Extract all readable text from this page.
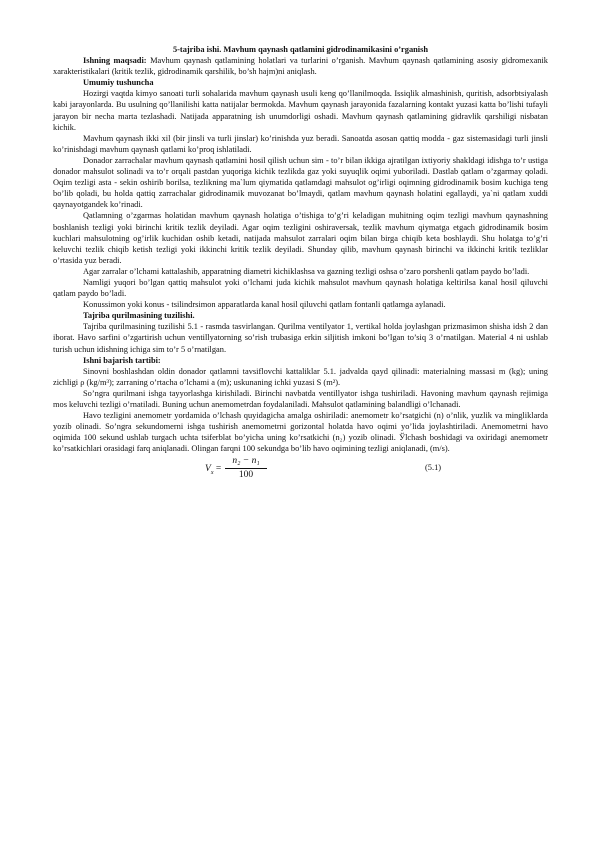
5-tajriba ishi. Mavhum qaynash qatlamini gidrodinamikasini o’rganish

Ishning maqsadi: Mavhum qaynash qatlamining holatlari va turlarini o’rganish. Mavhum qaynash qatlamining asosiy gidromexanik xarakteristikalari (kritik tezlik, gidrodinamik qarshilik, bo’sh hajm)ni aniqlash.

Umumiy tushuncha

Hozirgi vaqtda kimyo sanoati turli sohalarida mavhum qaynash usuli keng qo’llanilmoqda. Issiqlik almashinish, quritish, adsorbtsiyalash kabi jarayonlarda. Bu usulning qo’llanilishi katta natijalar bermokda. Mavhum qaynash jarayonida fazalarning kontakt yuzasi katta bo’lishi tufayli jarayon bir necha marta tezlashadi. Natijada apparatning ish unumdorligi oshadi. Mavhum qaynash qatlamining gidravlik qarshiligi nisbatan kichik.

Mavhum qaynash ikki xil (bir jinsli va turli jinslar) ko’rinishda yuz beradi. Sanoatda asosan qattiq modda - gaz sistemasidagi turli jinsli ko’rinishdagi mavhum qaynash qatlami ko’proq ishlatiladi.

Donador zarrachalar mavhum qaynash qatlamini hosil qilish uchun sim - to’r bilan ikkiga ajratilgan ixtiyoriy shakldagi idishga to’r ustiga donador mahsulot solinadi va to’r orqali pastdan yuqoriga kichik tezlikda gaz yoki suyuqlik oqimi yuboriladi. Dastlab qatlam o’zgarmay qoladi. Oqim tezligi asta - sekin oshirib borilsa, tezlikning ma`lum qiymatida qatlamdagi mahsulot og’irligi oqimning gidrodinamik bosim kuchiga teng bo’lib qoladi, bu holda qattiq zarrachalar gidrodinamik muvozanat bo’lmaydi, qatlam mavhum qaynash holatini egallaydi, ya`ni qatlam xuddi qaynayotgandek ko’rinadi.

Qatlamning o’zgarmas holatidan mavhum qaynash holatiga o’tishiga to’g’ri keladigan muhitning oqim tezligi mavhum qaynashning boshlanish tezligi yoki birinchi kritik tezlik deyiladi. Agar oqim tezligini oshiraversak, tezlik mavhum qiymatga etgach gidrodinamik bosim kuchlari mahsulotning og’irlik kuchidan oshib ketadi, natijada mahsulot zarralari oqim bilan birga chiqib keta boshlaydi. Shu holatga to’g’ri keluvchi tezlik chiqib ketish tezligi yoki ikkinchi kritik tezlik deyiladi. Shunday qilib, mavhum qaynash birinchi va ikkinchi kritik tezliklar o’rtasida yuz beradi.

Agar zarralar o’lchami kattalashib, apparatning diametri kichiklashsa va gazning tezligi oshsa o’zaro porshenli qatlam paydo bo’ladi.

Namligi yuqori bo’lgan qattiq mahsulot yoki o’lchami juda kichik mahsulot mavhum qaynash holatiga keltirilsa kanal hosil qiluvchi qatlam paydo bo’ladi.

Konussimon yoki konus - tsilindrsimon apparatlarda kanal hosil qiluvchi qatlam fontanli qatlamga aylanadi.

Tajriba qurilmasining tuzilishi.

Tajriba qurilmasining tuzilishi 5.1 - rasmda tasvirlangan. Qurilma ventilyator 1, vertikal holda joylashgan prizmasimon shisha idsh 2 dan iborat. Havo sarfini o’zgartirish uchun ventillyatorning so’rish trubasiga erkin siljitish imkoni bo’lgan to’siq 3 o’rnatilgan. Material 4 ni ushlab turish uchun idishning ichiga sim to’r 5 o’rnatilgan.

Ishni bajarish tartibi:

Sinovni boshlashdan oldin donador qatlamni tavsiflovchi kattaliklar 5.1. jadvalda qayd qilinadi: materialning massasi m (kg); uning zichligi ρ (kg/m³); zarraning o’rtacha o’lchami a (m); uskunaning ichki yuzasi S (m²).

So’ngra qurilmani ishga tayyorlashga kirishiladi. Birinchi navbatda ventillyator ishga tushiriladi. Havoning mavhum qaynash rejimiga mos keluvchi tezligi o’rnatiladi. Buning uchun anemometrdan foydalaniladi. Mahsulot qatlamining balandligi o’lchanadi.

Havo tezligini anemometr yordamida o’lchash quyidagicha amalga oshiriladi: anemometr ko’rsatgichi (n) o’nlik, yuzlik va mingliklarda yozib olinadi. So’ngra sekundomerni ishga tushirish anemometrni gorizontal holatda havo oqimi yo’lida joylashtiriladi. Anemometrni havo oqimida 100 sekund ushlab turgach uchta tsiferblat bo’yicha uning ko’rsatkichi (n₂) yozib olinadi. Ўlchash boshidagi va oxiridagi anemometr ko’rsatkichlari orasidagi farq aniqlanadi. Olingan farqni 100 sekundga bo’lib havo oqimining tezligi aniqlanadi, (m/s).

$V_x$ =
n₂ − n₁
100
(5.1)
